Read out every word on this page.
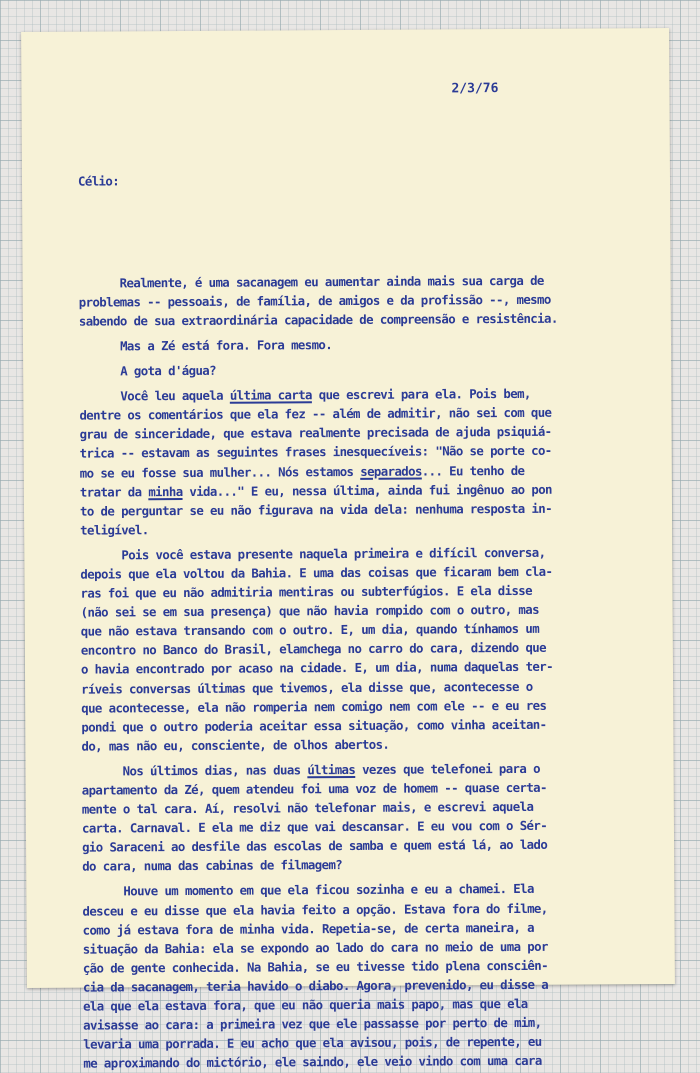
2/3/76

Célio:

Realmente, é uma sacanagem eu aumentar ainda mais sua carga de
problemas -- pessoais, de família, de amigos e da profissão --, mesmo
sabendo de sua extraordinária capacidade de compreensão e resistência.
Mas a Zé está fora. Fora mesmo.
A gota d'água?
Você leu aquela última carta que escrevi para ela. Pois bem,
dentre os comentários que ela fez -- além de admitir, não sei com que
grau de sinceridade, que estava realmente precisada de ajuda psiquiá-
trica -- estavam as seguintes frases inesquecíveis: "Não se porte co-
mo se eu fosse sua mulher... Nós estamos separados... Eu tenho de
tratar da minha vida..." E eu, nessa última, ainda fui ingênuo ao pon
to de perguntar se eu não figurava na vida dela: nenhuma resposta in-
teligível.
Pois você estava presente naquela primeira e difícil conversa,
depois que ela voltou da Bahia. E uma das coisas que ficaram bem cla-
ras foi que eu não admitiria mentiras ou subterfúgios. E ela disse
(não sei se em sua presença) que não havia rompido com o outro, mas
que não estava transando com o outro. E, um dia, quando tínhamos um
encontro no Banco do Brasil, elamchega no carro do cara, dizendo que
o havia encontrado por acaso na cidade. E, um dia, numa daquelas ter-
ríveis conversas últimas que tivemos, ela disse que, acontecesse o
que acontecesse, ela não romperia nem comigo nem com ele -- e eu res
pondi que o outro poderia aceitar essa situação, como vinha aceitan-
do, mas não eu, consciente, de olhos abertos.
Nos últimos dias, nas duas últimas vezes que telefonei para o
apartamento da Zé, quem atendeu foi uma voz de homem -- quase certa-
mente o tal cara. Aí, resolvi não telefonar mais, e escrevi aquela
carta. Carnaval. E ela me diz que vai descansar. E eu vou com o Sér-
gio Saraceni ao desfile das escolas de samba e quem está lá, ao lado
do cara, numa das cabinas de filmagem?
Houve um momento em que ela ficou sozinha e eu a chamei. Ela
desceu e eu disse que ela havia feito a opção. Estava fora do filme,
como já estava fora de minha vida. Repetia-se, de certa maneira, a
situação da Bahia: ela se expondo ao lado do cara no meio de uma por
ção de gente conhecida. Na Bahia, se eu tivesse tido plena consciên-
cia da sacanagem, teria havido o diabo. Agora, prevenido, eu disse a
ela que ela estava fora, que eu não queria mais papo, mas que ela
avisasse ao cara: a primeira vez que ele passasse por perto de mim,
levaria uma porrada. E eu acho que ela avisou, pois, de repente, eu
me aproximando do mictório, ele saindo, ele veio vindo com uma cara
